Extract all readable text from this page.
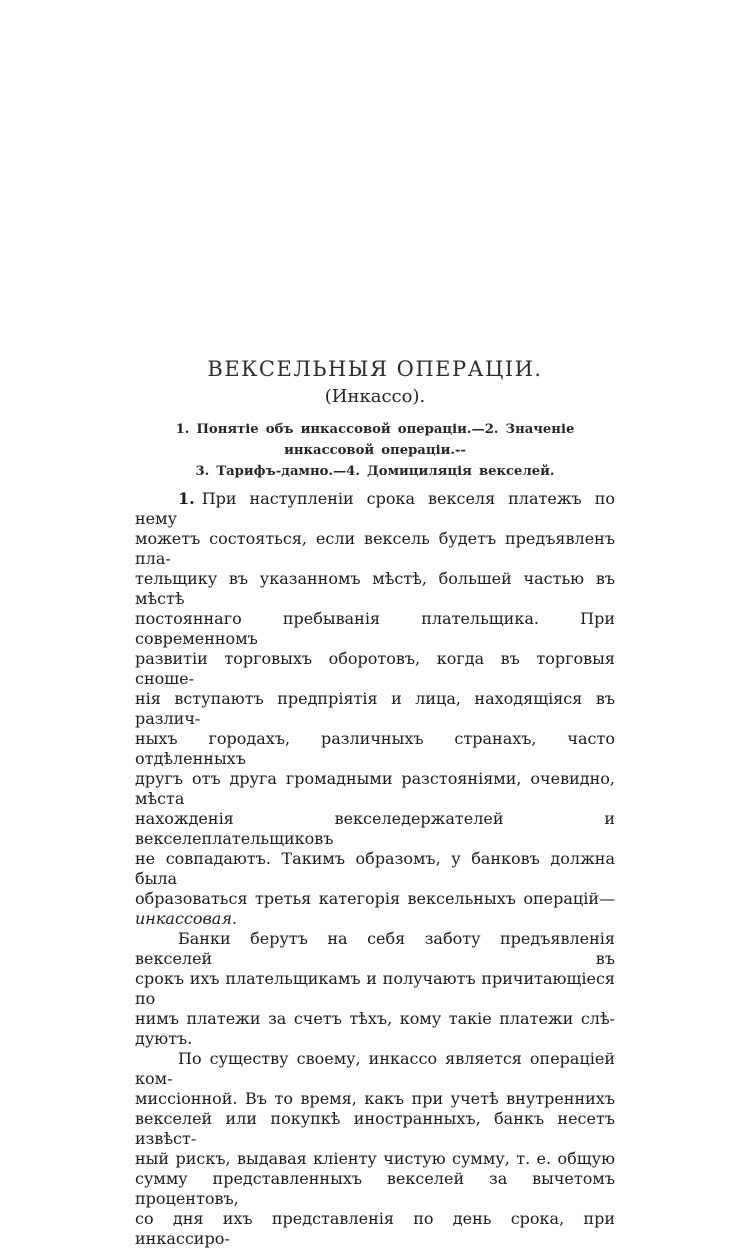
ВЕКСЕЛЬНЫЯ ОПЕРАЦІИ.
(Инкассо).
1. Понятіе объ инкассовой операціи.—2. Значеніе инкассовой операціи.--
3. Тарифъ-дамно.—4. Домициляція векселей.
1. При наступленіи срока векселя платежъ по нему
можетъ состояться, если вексель будетъ предъявленъ пла-
тельщику въ указанномъ мѣстѣ, большей частью въ мѣстѣ
постояннаго пребыванія плательщика. При современномъ
развитіи торговыхъ оборотовъ, когда въ торговыя сноше-
нія вступаютъ предпріятія и лица, находящіяся въ различ-
ныхъ городахъ, различныхъ странахъ, часто отдѣленныхъ
другъ отъ друга громадными разстояніями, очевидно, мѣста
нахожденія векселедержателей и векселеплательщиковъ
не совпадаютъ. Такимъ образомъ, у банковъ должна была
образоваться третья категорія вексельныхъ операцій—
инкассовая.
Банки берутъ на себя заботу предъявленія векселей въ
срокъ ихъ плательщикамъ и получаютъ причитающіеся по
нимъ платежи за счетъ тѣхъ, кому такіе платежи слѣ-
дуютъ.
По существу своему, инкассо является операціей ком-
миссіонной. Въ то время, какъ при учетѣ внутреннихъ
векселей или покупкѣ иностранныхъ, банкъ несетъ извѣст-
ный рискъ, выдавая кліенту чистую сумму, т. е. общую
сумму представленныхъ векселей за вычетомъ процентовъ,
со дня ихъ представленія по день срока, при инкассиро-
